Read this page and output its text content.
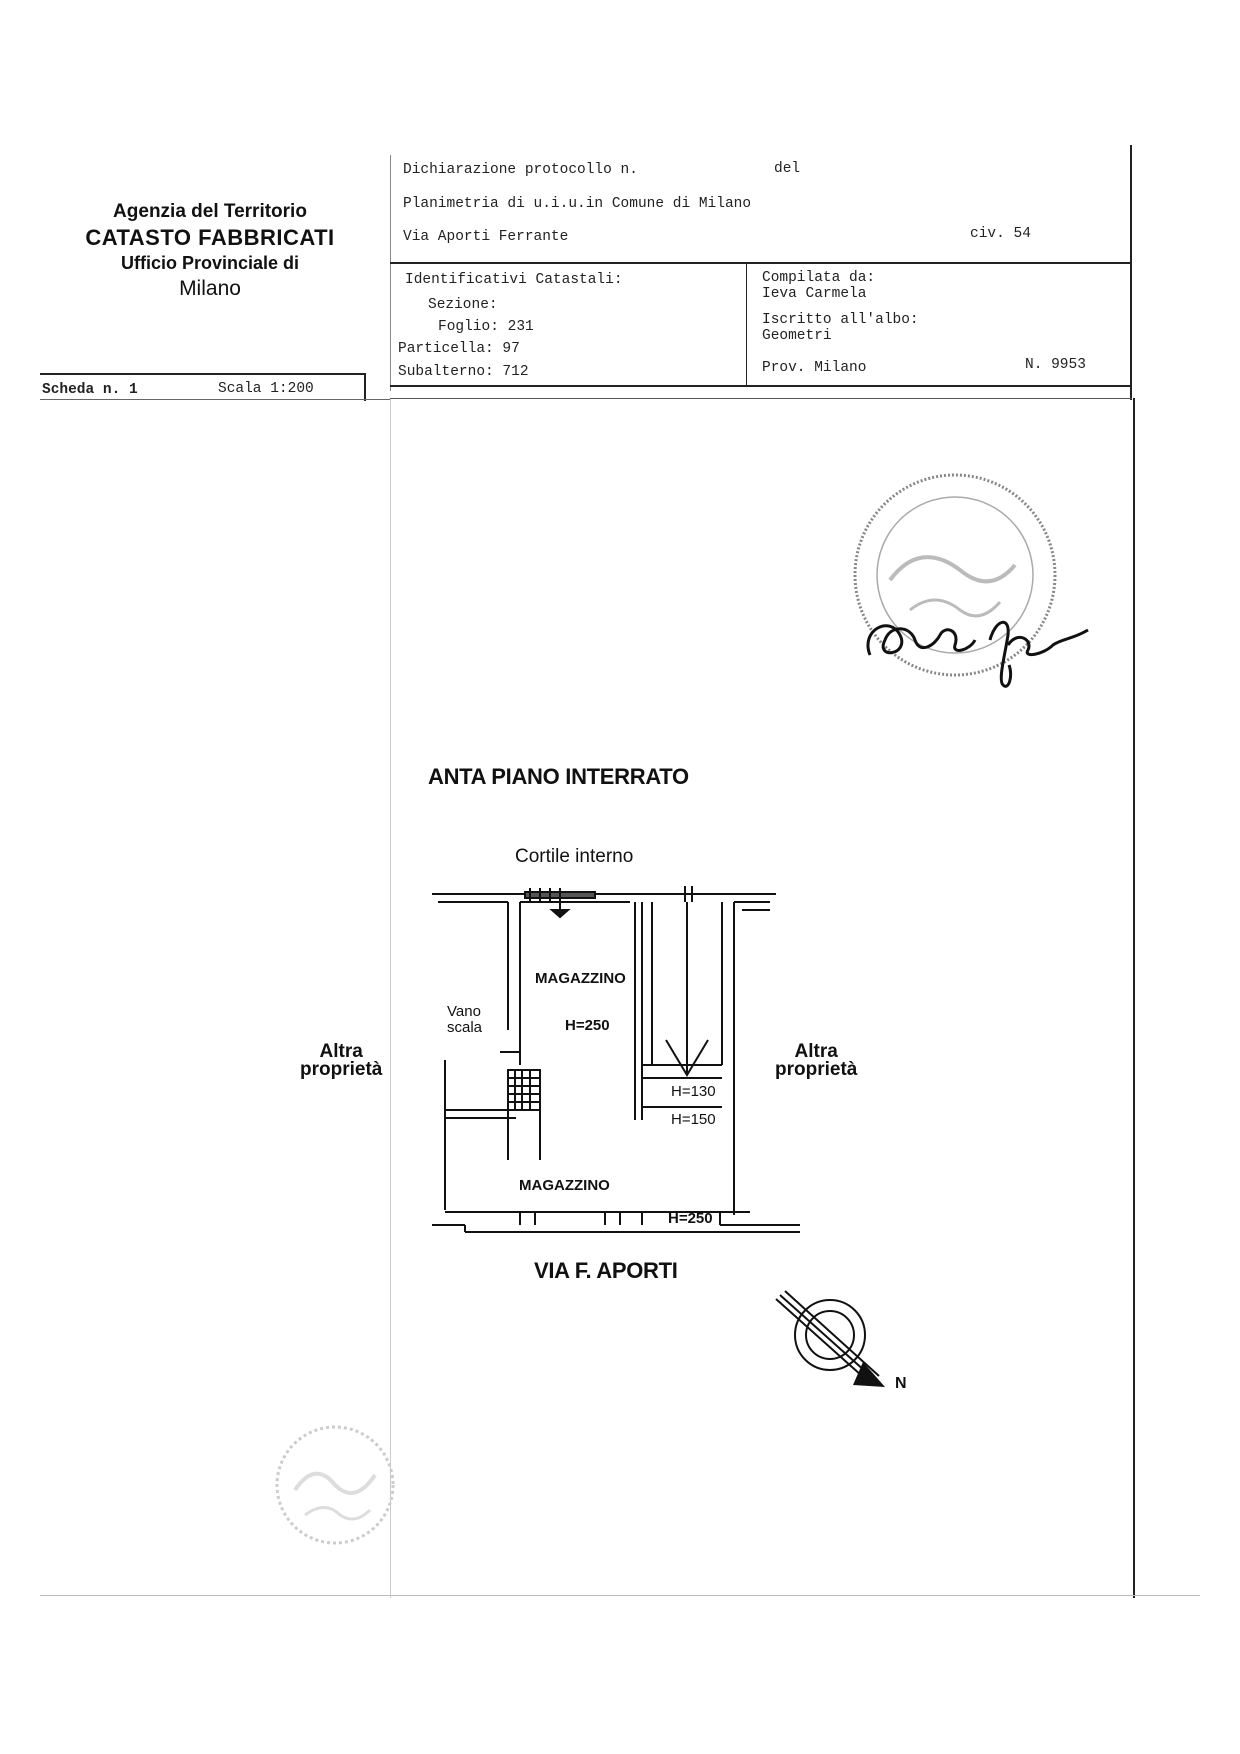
Agenzia del Territorio
CATASTO FABBRICATI
Ufficio Provinciale di
Milano
Dichiarazione protocollo n.	del
Planimetria di u.i.u.in Comune di Milano
Via Aporti Ferrante	civ. 54
Identificativi Catastali:
Sezione:
Foglio: 231
Particella: 97
Subalterno: 712
Compilata da:
Ieva Carmela
Iscritto all'albo:
Geometri
Prov. Milano	N. 9953
Scheda n. 1	Scala 1:200
ANTA PIANO INTERRATO
Cortile interno
MAGAZZINO
H=250
Vano
scala
H=130
H=150
MAGAZZINO
H=250
Altra
proprietà
Altra
proprietà
VIA F. APORTI
N
